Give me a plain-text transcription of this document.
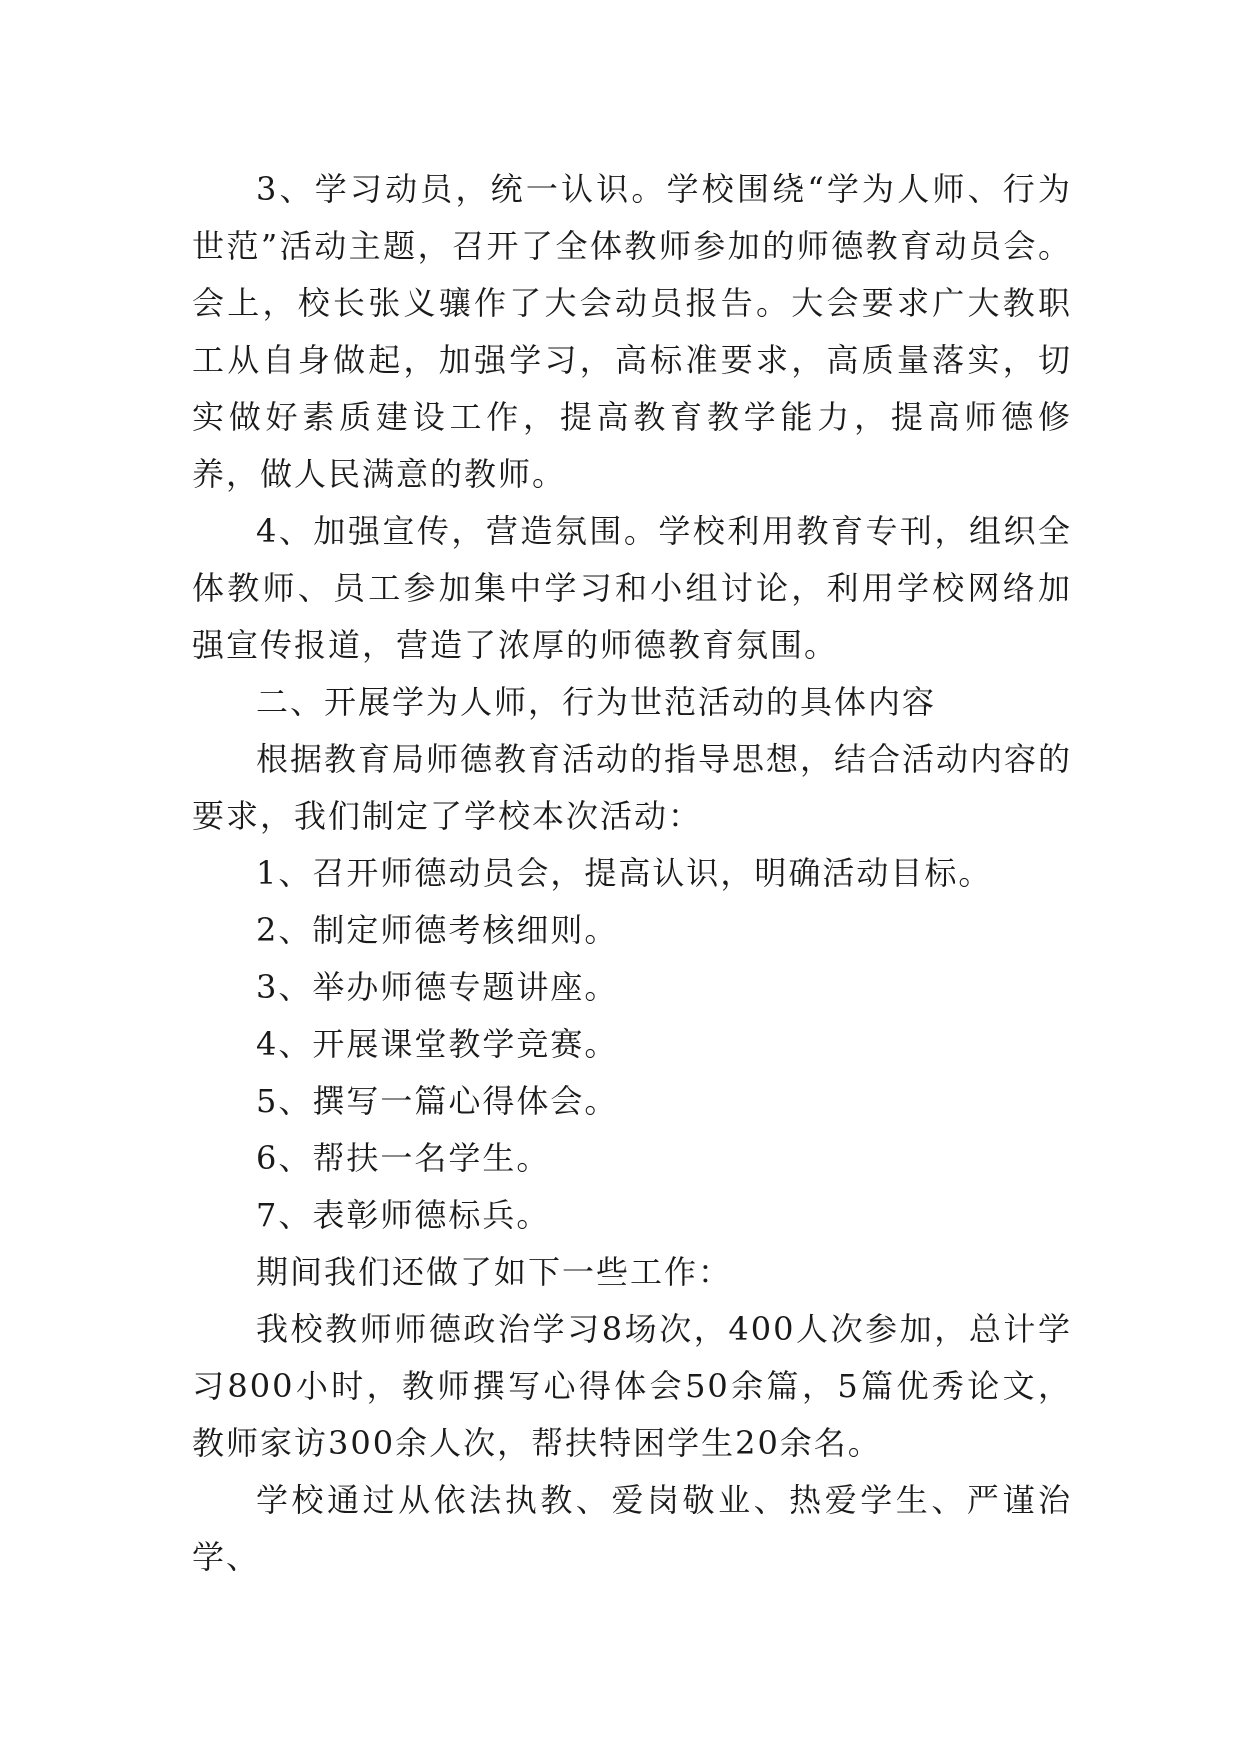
3、学习动员，统一认识。学校围绕“学为人师、行为世范”活动主题，召开了全体教师参加的师德教育动员会。会上，校长张义骧作了大会动员报告。大会要求广大教职工从自身做起，加强学习，高标准要求，高质量落实，切实做好素质建设工作，提高教育教学能力，提高师德修养，做人民满意的教师。

4、加强宣传，营造氛围。学校利用教育专刊，组织全体教师、员工参加集中学习和小组讨论，利用学校网络加强宣传报道，营造了浓厚的师德教育氛围。

二、开展学为人师，行为世范活动的具体内容

根据教育局师德教育活动的指导思想，结合活动内容的要求，我们制定了学校本次活动：

1、召开师德动员会，提高认识，明确活动目标。

2、制定师德考核细则。

3、举办师德专题讲座。

4、开展课堂教学竞赛。

5、撰写一篇心得体会。

6、帮扶一名学生。

7、表彰师德标兵。

期间我们还做了如下一些工作：

我校教师师德政治学习8场次，400人次参加，总计学习800小时，教师撰写心得体会50余篇，5篇优秀论文，教师家访300余人次，帮扶特困学生20余名。

学校通过从依法执教、爱岗敬业、热爱学生、严谨治学、
